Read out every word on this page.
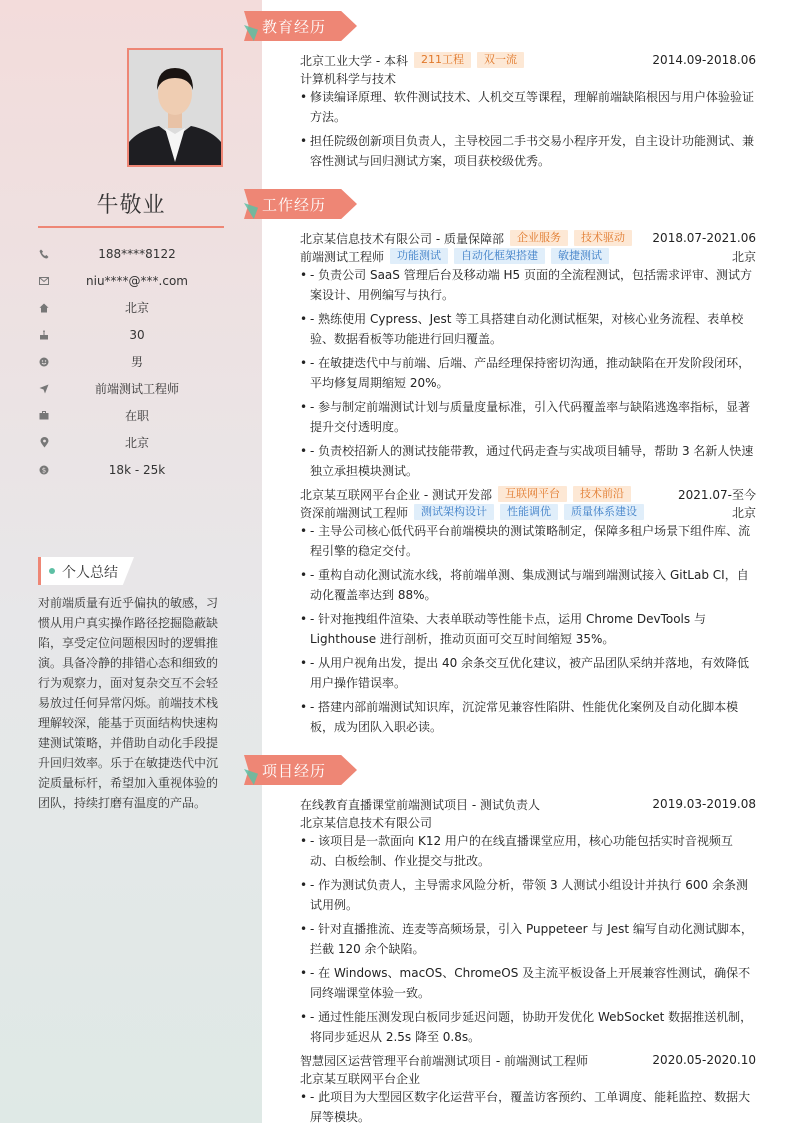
牛敬业
188****8122
niu****@***.com
北京
30
男
前端测试工程师
在职
北京
$	18k - 25k
个人总结

对前端质量有近乎偏执的敏感，习惯从用户真实操作路径挖掘隐蔽缺陷，享受定位问题根因时的逻辑推演。具备冷静的排错心态和细致的行为观察力，面对复杂交互不会轻易放过任何异常闪烁。前端技术栈理解较深，能基于页面结构快速构建测试策略，并借助自动化手段提升回归效率。乐于在敏捷迭代中沉淀质量标杆，希望加入重视体验的团队，持续打磨有温度的产品。

教育经历
北京工业大学 - 本科	211工程	双一流	2014.09-2018.06
计算机科学与技术
• 修读编译原理、软件测试技术、人机交互等课程，理解前端缺陷根因与用户体验验证方法。
• 担任院级创新项目负责人，主导校园二手书交易小程序开发，自主设计功能测试、兼容性测试与回归测试方案，项目获校级优秀。
工作经历
北京某信息技术有限公司 - 质量保障部	企业服务	技术驱动	2018.07-2021.06
前端测试工程师	功能测试	自动化框架搭建	敏捷测试	北京
• - 负责公司 SaaS 管理后台及移动端 H5 页面的全流程测试，包括需求评审、测试方案设计、用例编写与执行。
• - 熟练使用 Cypress、Jest 等工具搭建自动化测试框架，对核心业务流程、表单校验、数据看板等功能进行回归覆盖。
• - 在敏捷迭代中与前端、后端、产品经理保持密切沟通，推动缺陷在开发阶段闭环，平均修复周期缩短 20%。
• - 参与制定前端测试计划与质量度量标准，引入代码覆盖率与缺陷逃逸率指标，显著提升交付透明度。
• - 负责校招新人的测试技能带教，通过代码走查与实战项目辅导，帮助 3 名新人快速独立承担模块测试。
北京某互联网平台企业 - 测试开发部	互联网平台	技术前沿	2021.07-至今
资深前端测试工程师	测试架构设计	性能调优	质量体系建设	北京
• - 主导公司核心低代码平台前端模块的测试策略制定，保障多租户场景下组件库、流程引擎的稳定交付。
• - 重构自动化测试流水线，将前端单测、集成测试与端到端测试接入 GitLab CI，自动化覆盖率达到 88%。
• - 针对拖拽组件渲染、大表单联动等性能卡点，运用 Chrome DevTools 与 Lighthouse 进行剖析，推动页面可交互时间缩短 35%。
• - 从用户视角出发，提出 40 余条交互优化建议，被产品团队采纳并落地，有效降低用户操作错误率。
• - 搭建内部前端测试知识库，沉淀常见兼容性陷阱、性能优化案例及自动化脚本模板，成为团队入职必读。
项目经历
在线教育直播课堂前端测试项目 - 测试负责人	2019.03-2019.08
北京某信息技术有限公司
• - 该项目是一款面向 K12 用户的在线直播课堂应用，核心功能包括实时音视频互动、白板绘制、作业提交与批改。
• - 作为测试负责人，主导需求风险分析，带领 3 人测试小组设计并执行 600 余条测试用例。
• - 针对直播推流、连麦等高频场景，引入 Puppeteer 与 Jest 编写自动化测试脚本，拦截 120 余个缺陷。
• - 在 Windows、macOS、ChromeOS 及主流平板设备上开展兼容性测试，确保不同终端课堂体验一致。
• - 通过性能压测发现白板同步延迟问题，协助开发优化 WebSocket 数据推送机制，将同步延迟从 2.5s 降至 0.8s。
智慧园区运营管理平台前端测试项目 - 前端测试工程师	2020.05-2020.10
北京某互联网平台企业
• - 此项目为大型园区数字化运营平台，覆盖访客预约、工单调度、能耗监控、数据大屏等模块。
